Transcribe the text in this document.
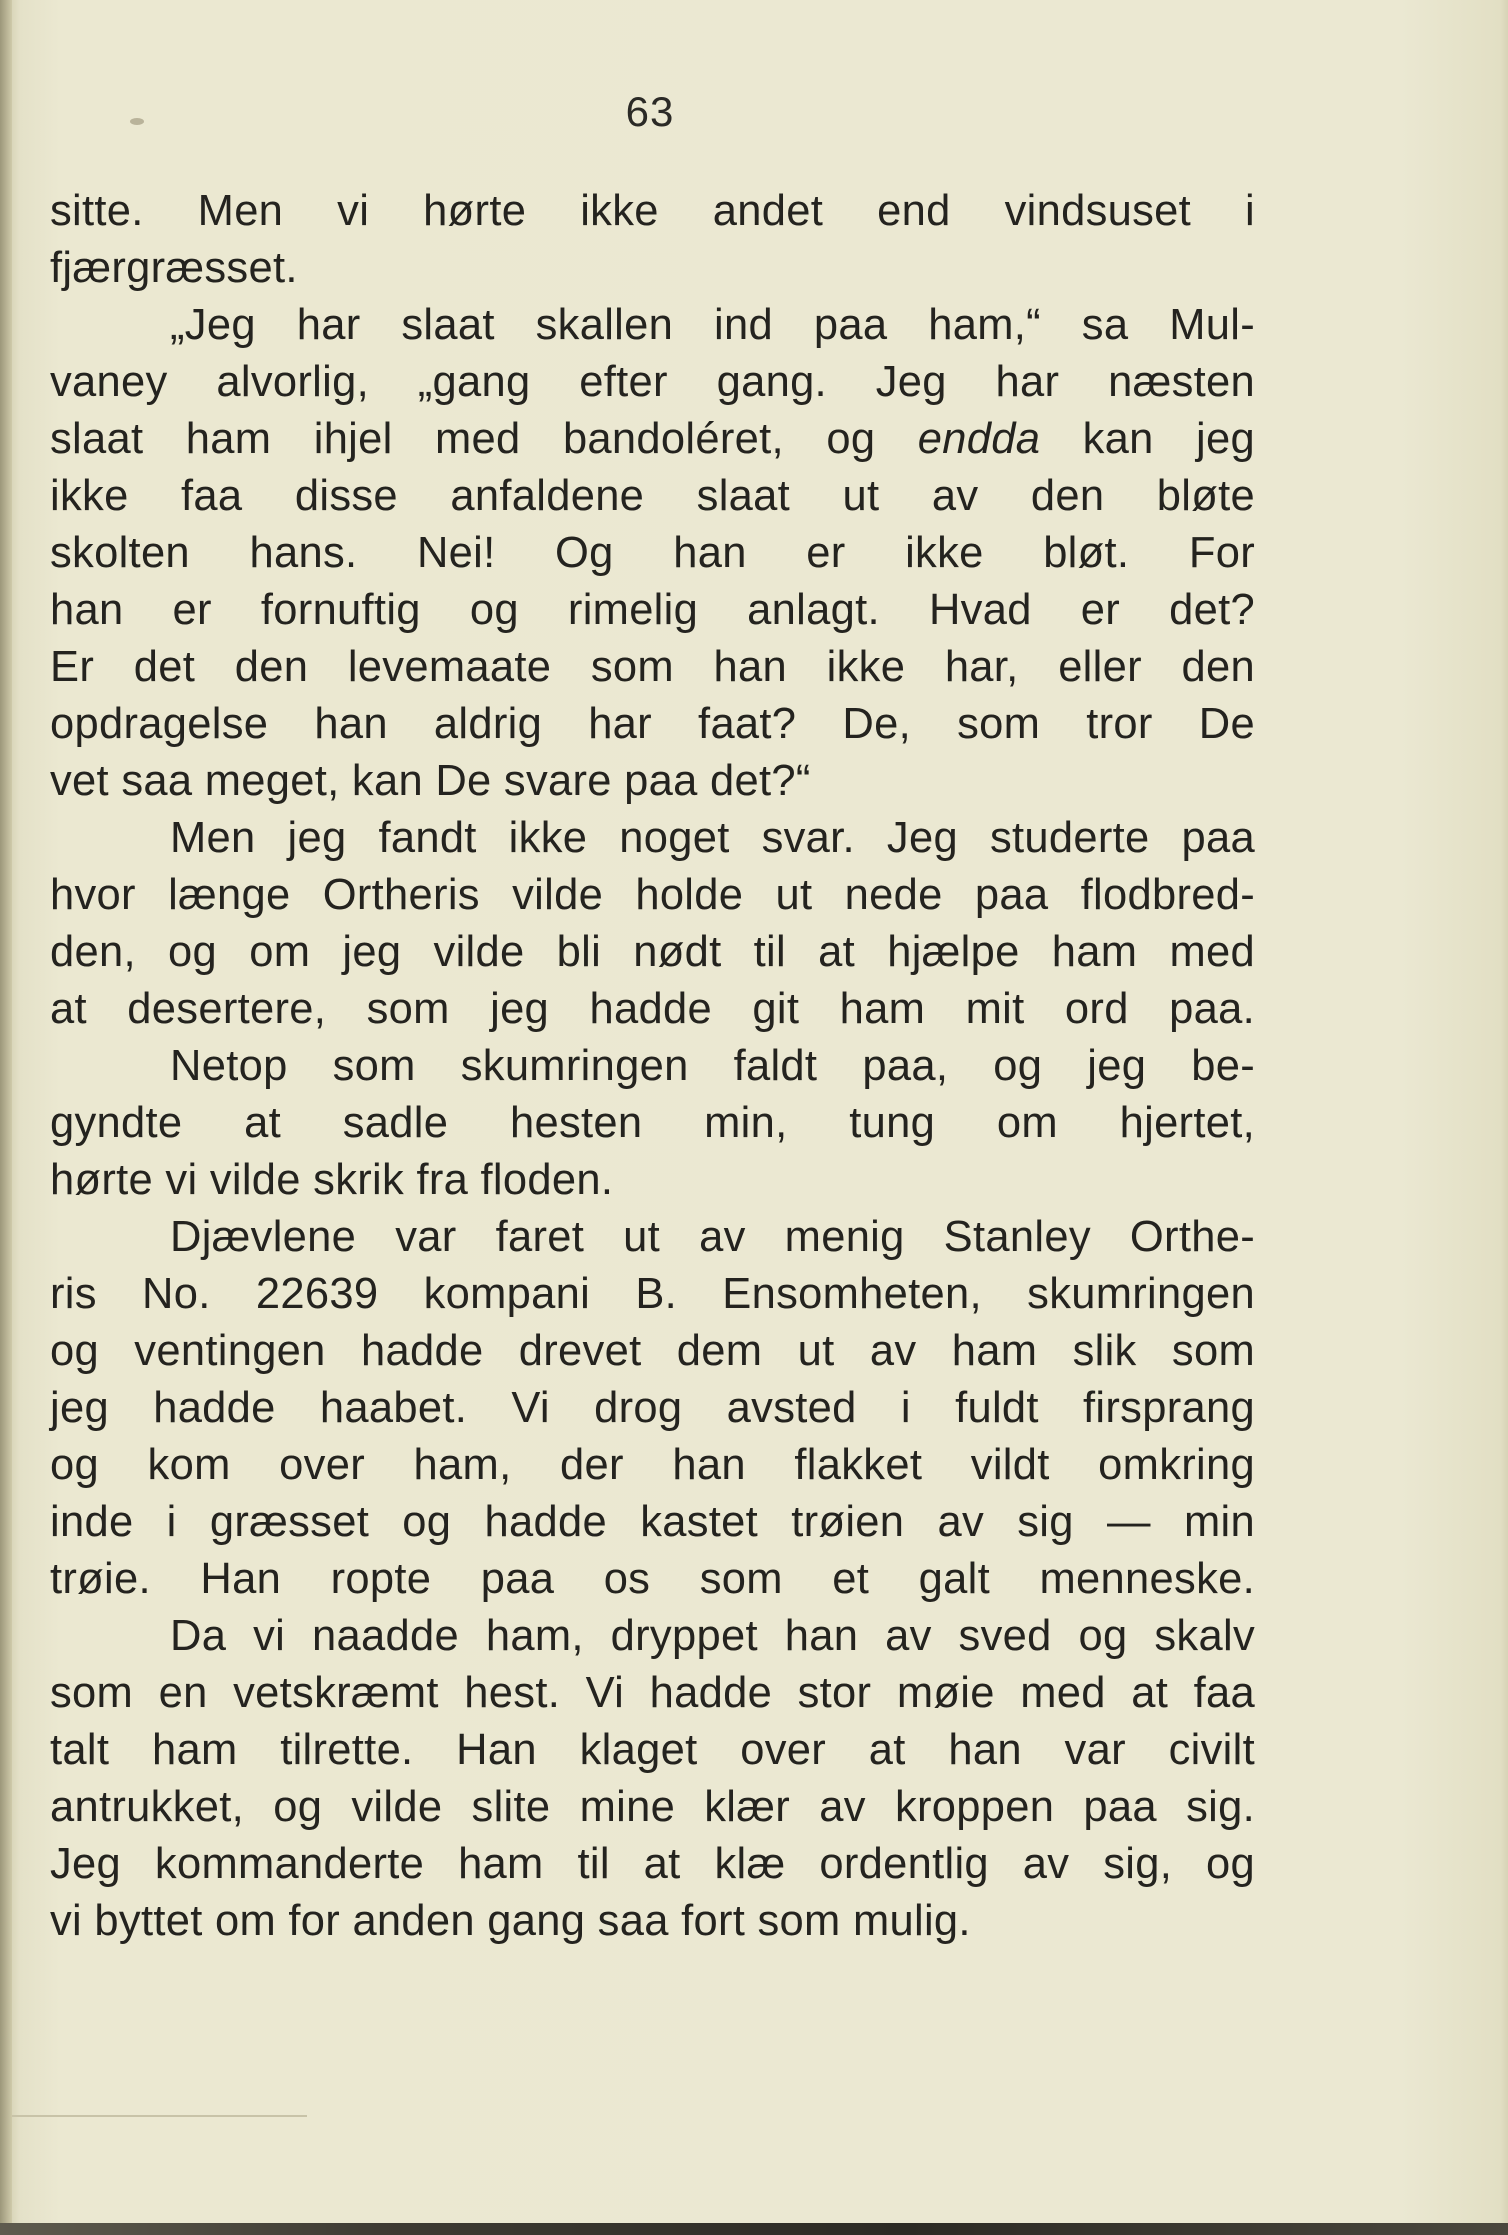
63
sitte. Men vi hørte ikke andet end vindsuset i
fjærgræsset.
„Jeg har slaat skallen ind paa ham,“ sa Mul-
vaney alvorlig, „gang efter gang. Jeg har næsten
slaat ham ihjel med bandoléret, og endda kan jeg
ikke faa disse anfaldene slaat ut av den bløte
skolten hans. Nei! Og han er ikke bløt. For
han er fornuftig og rimelig anlagt. Hvad er det?
Er det den levemaate som han ikke har, eller den
opdragelse han aldrig har faat? De, som tror De
vet saa meget, kan De svare paa det?“
Men jeg fandt ikke noget svar. Jeg studerte paa
hvor længe Ortheris vilde holde ut nede paa flodbred-
den, og om jeg vilde bli nødt til at hjælpe ham med
at desertere, som jeg hadde git ham mit ord paa.
Netop som skumringen faldt paa, og jeg be-
gyndte at sadle hesten min, tung om hjertet,
hørte vi vilde skrik fra floden.
Djævlene var faret ut av menig Stanley Orthe-
ris No. 22639 kompani B. Ensomheten, skumringen
og ventingen hadde drevet dem ut av ham slik som
jeg hadde haabet. Vi drog avsted i fuldt firsprang
og kom over ham, der han flakket vildt omkring
inde i græsset og hadde kastet trøien av sig — min
trøie. Han ropte paa os som et galt menneske.
Da vi naadde ham, dryppet han av sved og skalv
som en vetskræmt hest. Vi hadde stor møie med at faa
talt ham tilrette. Han klaget over at han var civilt
antrukket, og vilde slite mine klær av kroppen paa sig.
Jeg kommanderte ham til at klæ ordentlig av sig, og
vi byttet om for anden gang saa fort som mulig.
